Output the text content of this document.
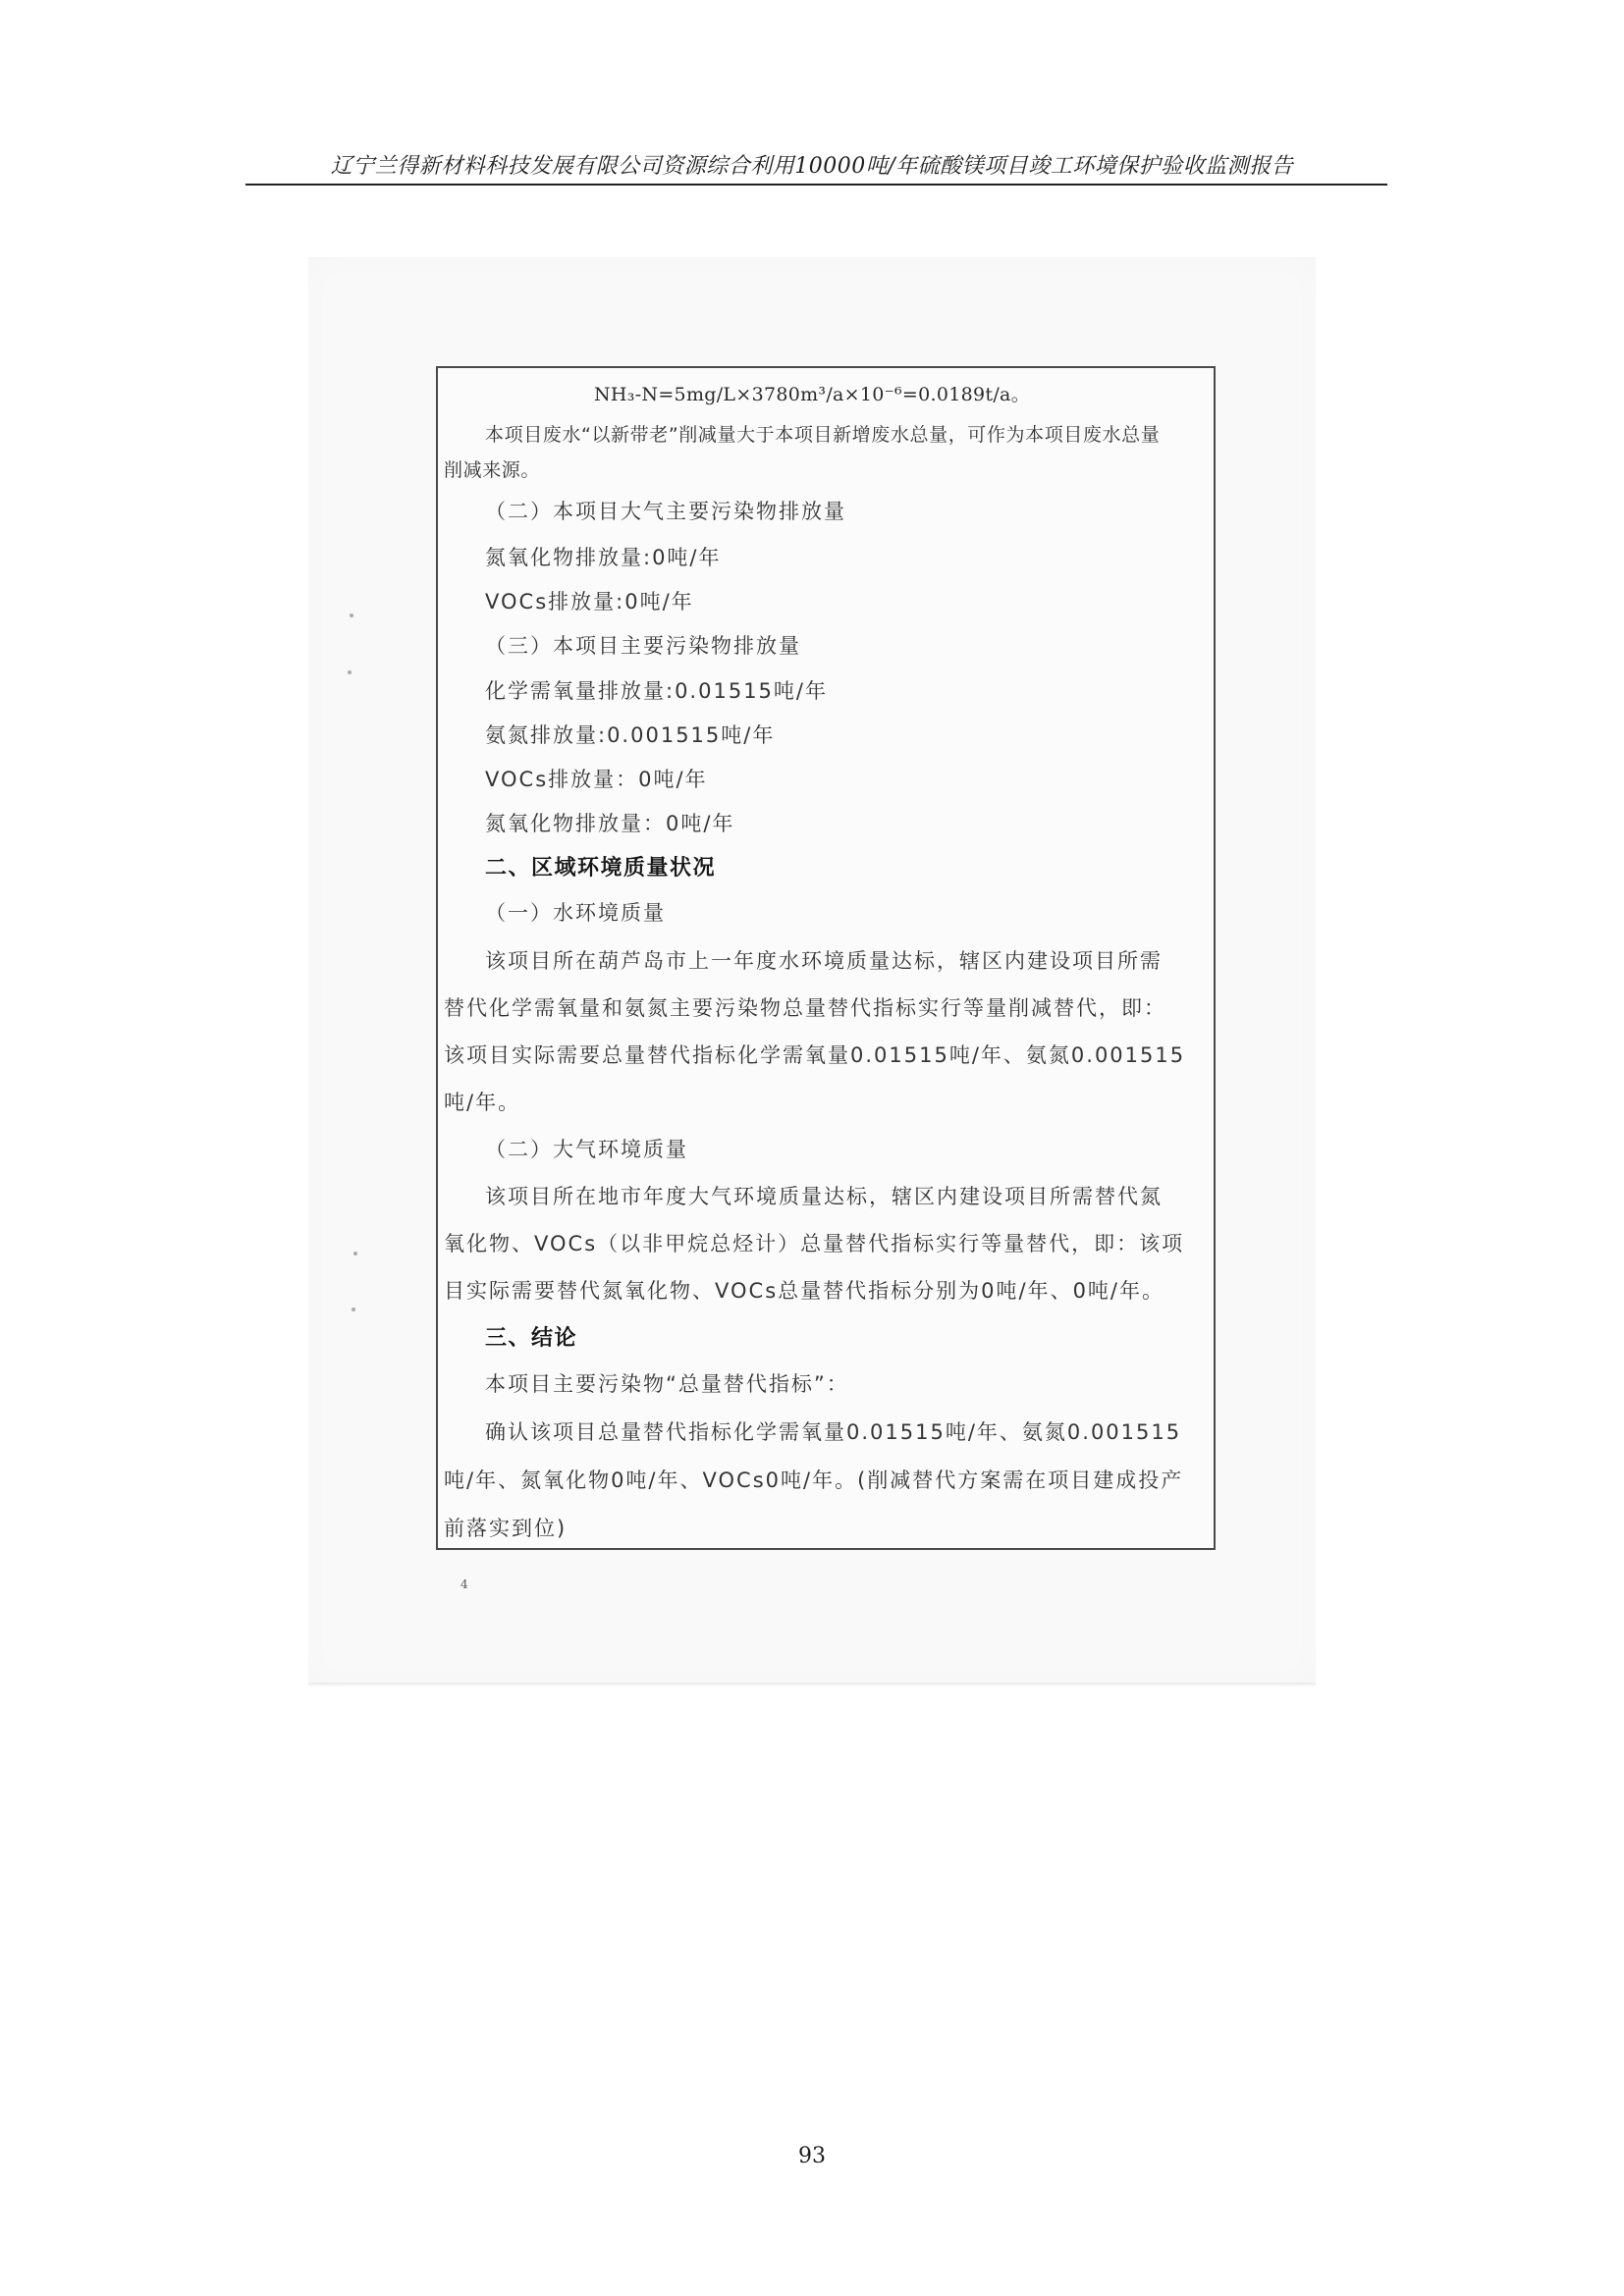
辽宁兰得新材料科技发展有限公司资源综合利用10000吨/年硫酸镁项目竣工环境保护验收监测报告
NH₃-N=5mg/L×3780m³/a×10⁻⁶=0.0189t/a。
本项目废水“以新带老”削减量大于本项目新增废水总量，可作为本项目废水总量
削减来源。
（二）本项目大气主要污染物排放量
氮氧化物排放量:0吨/年
VOCs排放量:0吨/年
（三）本项目主要污染物排放量
化学需氧量排放量:0.01515吨/年
氨氮排放量:0.001515吨/年
VOCs排放量：0吨/年
氮氧化物排放量：0吨/年
二、区域环境质量状况
（一）水环境质量
该项目所在葫芦岛市上一年度水环境质量达标，辖区内建设项目所需
替代化学需氧量和氨氮主要污染物总量替代指标实行等量削减替代，即：
该项目实际需要总量替代指标化学需氧量0.01515吨/年、氨氮0.001515
吨/年。
（二）大气环境质量
该项目所在地市年度大气环境质量达标，辖区内建设项目所需替代氮
氧化物、VOCs（以非甲烷总烃计）总量替代指标实行等量替代，即：该项
目实际需要替代氮氧化物、VOCs总量替代指标分别为0吨/年、0吨/年。
三、结论
本项目主要污染物“总量替代指标”：
确认该项目总量替代指标化学需氧量0.01515吨/年、氨氮0.001515
吨/年、氮氧化物0吨/年、VOCs0吨/年。(削减替代方案需在项目建成投产
前落实到位)
4
93
